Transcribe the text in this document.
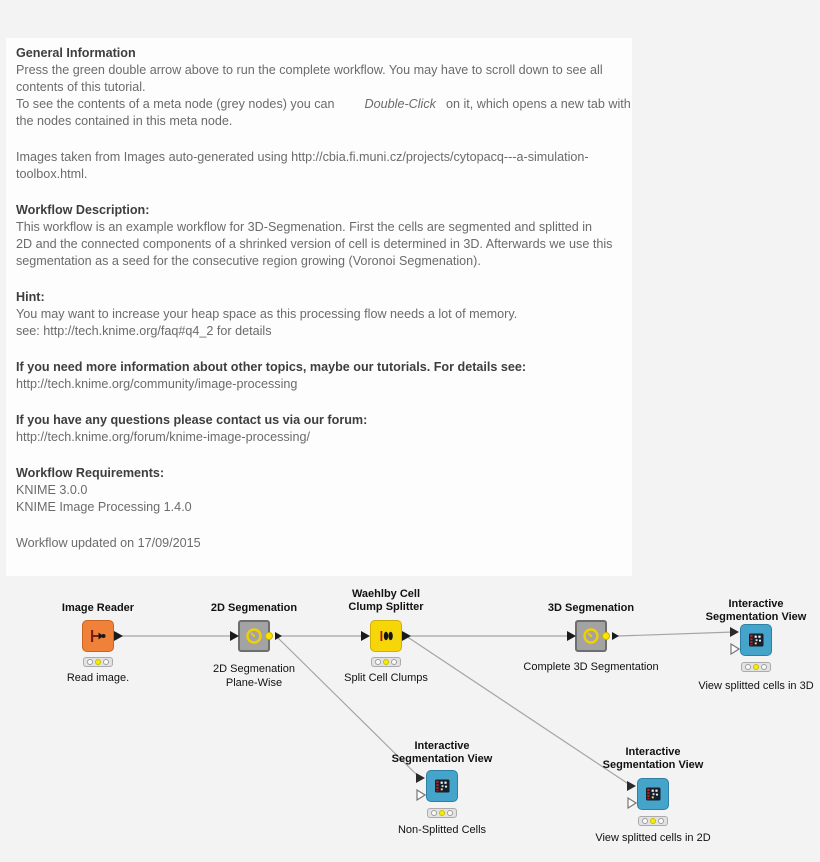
General Information
Press the green double arrow above to run the complete workflow. You may have to scroll down to see all
contents of this tutorial.
To see the contents of a meta node (grey nodes) you can Double-Click on it, which opens a new tab with
the nodes contained in this meta node.
Images taken from Images auto-generated using http://cbia.fi.muni.cz/projects/cytopacq---a-simulation-
toolbox.html.
Workflow Description:
This workflow is an example workflow for 3D-Segmenation. First the cells are segmented and splitted in
2D and the connected components of a shrinked version of cell is determined in 3D. Afterwards we use this
segmentation as a seed for the consecutive region growing (Voronoi Segmenation).
Hint:
You may want to increase your heap space as this processing flow needs a lot of memory.
see: http://tech.knime.org/faq#q4_2 for details
If you need more information about other topics, maybe our tutorials. For details see:
http://tech.knime.org/community/image-processing
If you have any questions please contact us via our forum:
http://tech.knime.org/forum/knime-image-processing/
Workflow Requirements:
KNIME 3.0.0
KNIME Image Processing 1.4.0
Workflow updated on 17/09/2015
Image Reader
Read image.
2D Segmenation
2D Segmenation
Plane-Wise
Waehlby Cell
Clump Splitter
Split Cell Clumps
3D Segmenation
Complete 3D Segmentation
Interactive
Segmentation View
View splitted cells in 3D
Interactive
Segmentation View
Non-Splitted Cells
Interactive
Segmentation View
View splitted cells in 2D
